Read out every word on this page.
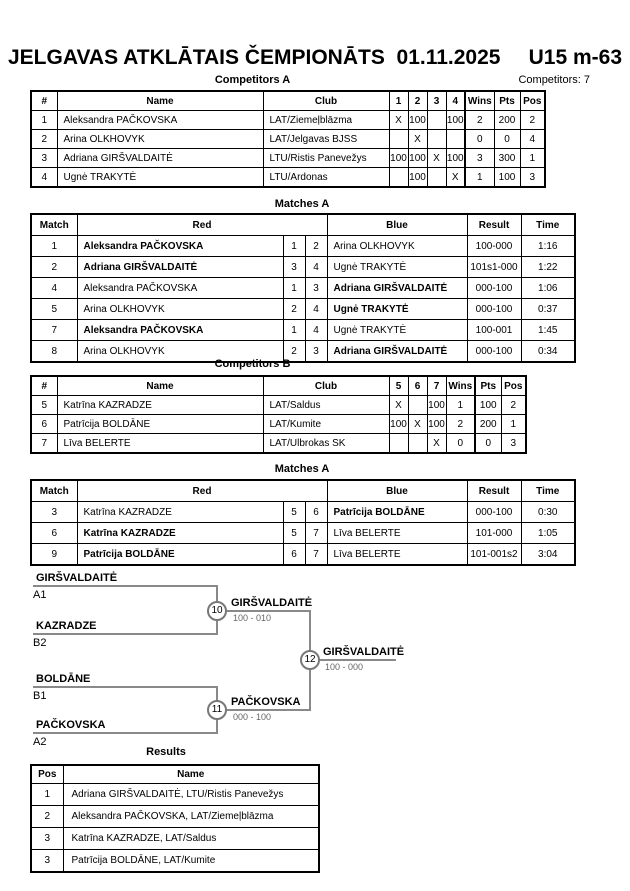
JELGAVAS ATKLĀTAIS ČEMPIONĀTS  01.11.2025 U15 m-63
Competitors: 7
Competitors A
#	Name	Club	1	2	3	4	Wins	Pts	Pos
1	Aleksandra PAČKOVSKA	LAT/Ziemeļblāzma	X	100		100	2	200	2
2	Arina OLKHOVYK	LAT/Jelgavas BJSS		X			0	0	4
3	Adriana GIRŠVALDAITĖ	LTU/Ristis Panevežys	100	100	X	100	3	300	1
4	Ugnė TRAKYTĖ	LTU/Ardonas		100		X	1	100	3
Matches A
Match	Red			Blue	Result	Time
1	Aleksandra PAČKOVSKA	1	2	Arina OLKHOVYK	100-000	1:16
2	Adriana GIRŠVALDAITĖ	3	4	Ugnė TRAKYTĖ	101s1-000	1:22
4	Aleksandra PAČKOVSKA	1	3	Adriana GIRŠVALDAITĖ	000-100	1:06
5	Arina OLKHOVYK	2	4	Ugnė TRAKYTĖ	000-100	0:37
7	Aleksandra PAČKOVSKA	1	4	Ugnė TRAKYTĖ	100-001	1:45
8	Arina OLKHOVYK	2	3	Adriana GIRŠVALDAITĖ	000-100	0:34
Competitors B
#	Name	Club	5	6	7	Wins	Pts	Pos
5	Katrīna KAZRADZE	LAT/Saldus	X		100	1	100	2
6	Patrīcija BOLDĀNE	LAT/Kumite	100	X	100	2	200	1
7	Līva BELERTE	LAT/Ulbrokas SK			X	0	0	3
Matches A
Match	Red			Blue	Result	Time
3	Katrīna KAZRADZE	5	6	Patrīcija BOLDĀNE	000-100	0:30
6	Katrīna KAZRADZE	5	7	Līva BELERTE	101-000	1:05
9	Patrīcija BOLDĀNE	6	7	Līva BELERTE	101-001s2	3:04
GIRŠVALDAITĖ
A1
KAZRADZE
B2
BOLDĀNE
B1
PAČKOVSKA
A2
10
11
12
GIRŠVALDAITĖ
100 - 010
PAČKOVSKA
000 - 100
GIRŠVALDAITĖ
100 - 000
Results
Pos	Name
1	Adriana GIRŠVALDAITĖ, LTU/Ristis Panevežys
2	Aleksandra PAČKOVSKA, LAT/Ziemeļblāzma
3	Katrīna KAZRADZE, LAT/Saldus
3	Patrīcija BOLDĀNE, LAT/Kumite
